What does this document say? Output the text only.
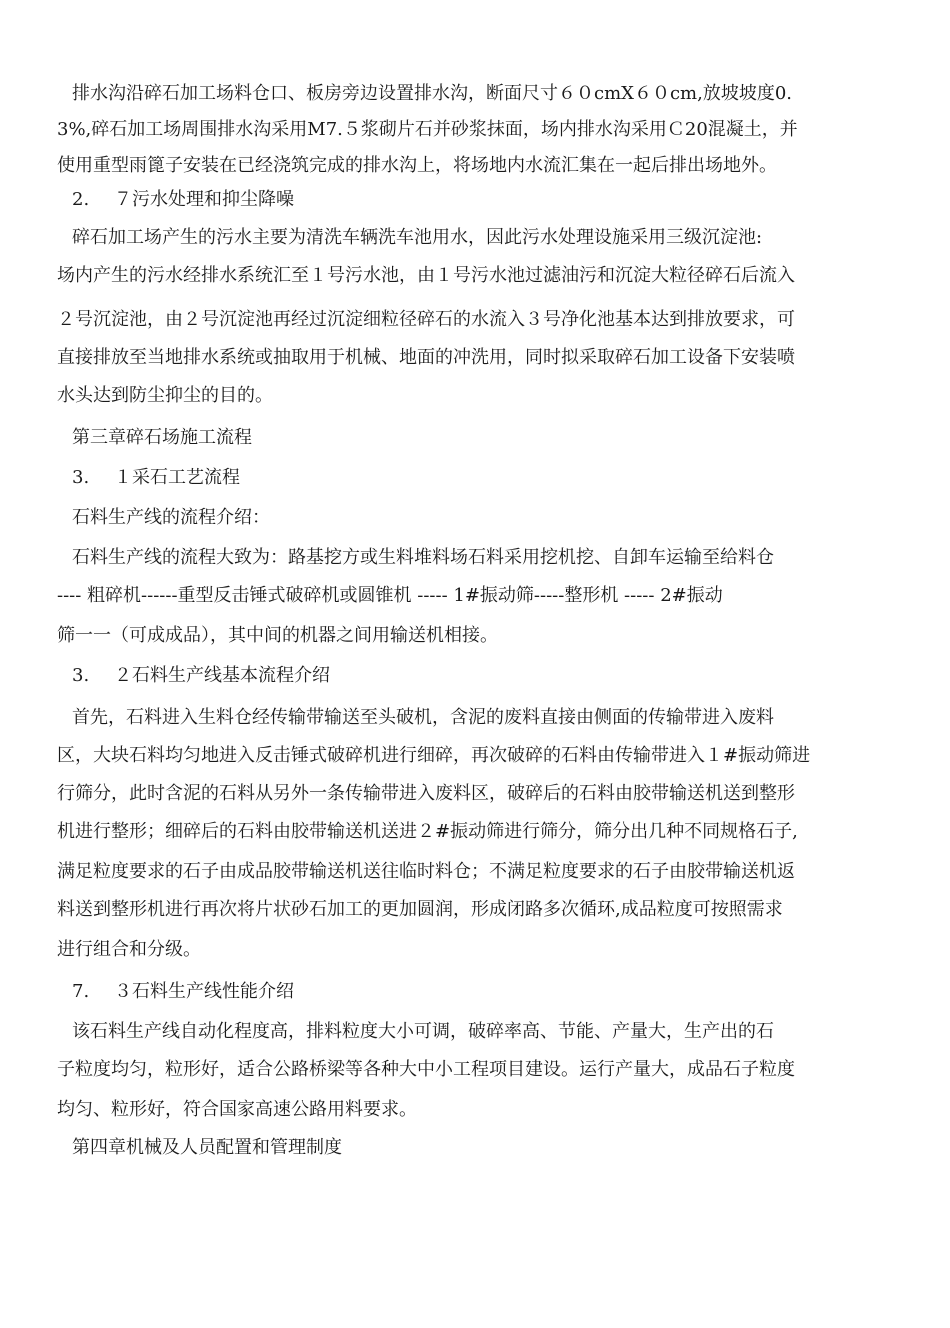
排水沟沿碎石加工场料仓口、板房旁边设置排水沟，断面尺寸６０cmX６０cm,放坡坡度0.
3%,碎石加工场周围排水沟采用M7.５浆砌片石并砂浆抹面，场内排水沟采用Ｃ20混凝土，并
使用重型雨篦子安装在已经浇筑完成的排水沟上，将场地内水流汇集在一起后排出场地外。
2. ７污水处理和抑尘降噪
碎石加工场产生的污水主要为清洗车辆洗车池用水，因此污水处理设施采用三级沉淀池:
场内产生的污水经排水系统汇至１号污水池，由１号污水池过滤油污和沉淀大粒径碎石后流入
２号沉淀池，由２号沉淀池再经过沉淀细粒径碎石的水流入３号净化池基本达到排放要求，可
直接排放至当地排水系统或抽取用于机械、地面的冲洗用，同时拟采取碎石加工设备下安装喷
水头达到防尘抑尘的目的。
第三章碎石场施工流程
3. １采石工艺流程
石料生产线的流程介绍：
石料生产线的流程大致为：路基挖方或生料堆料场石料采用挖机挖、自卸车运输至给料仓
---- 粗碎机------重型反击锤式破碎机或圆锥机 ----- 1#振动筛-----整形机 ----- 2#振动
筛一一（可成成品），其中间的机器之间用输送机相接。
3. ２石料生产线基本流程介绍
首先，石料进入生料仓经传输带输送至头破机，含泥的废料直接由侧面的传输带进入废料
区，大块石料均匀地进入反击锤式破碎机进行细碎，再次破碎的石料由传输带进入１#振动筛进
行筛分，此时含泥的石料从另外一条传输带进入废料区，破碎后的石料由胶带输送机送到整形
机进行整形；细碎后的石料由胶带输送机送进２#振动筛进行筛分，筛分出几种不同规格石子,
满足粒度要求的石子由成品胶带输送机送往临时料仓；不满足粒度要求的石子由胶带输送机返
料送到整形机进行再次将片状砂石加工的更加圆润，形成闭路多次循环,成品粒度可按照需求
进行组合和分级。
7. ３石料生产线性能介绍
该石料生产线自动化程度高，排料粒度大小可调，破碎率高、节能、产量大，生产出的石
子粒度均匀，粒形好，适合公路桥梁等各种大中小工程项目建设。运行产量大，成品石子粒度
均匀、粒形好，符合国家高速公路用料要求。
第四章机械及人员配置和管理制度
